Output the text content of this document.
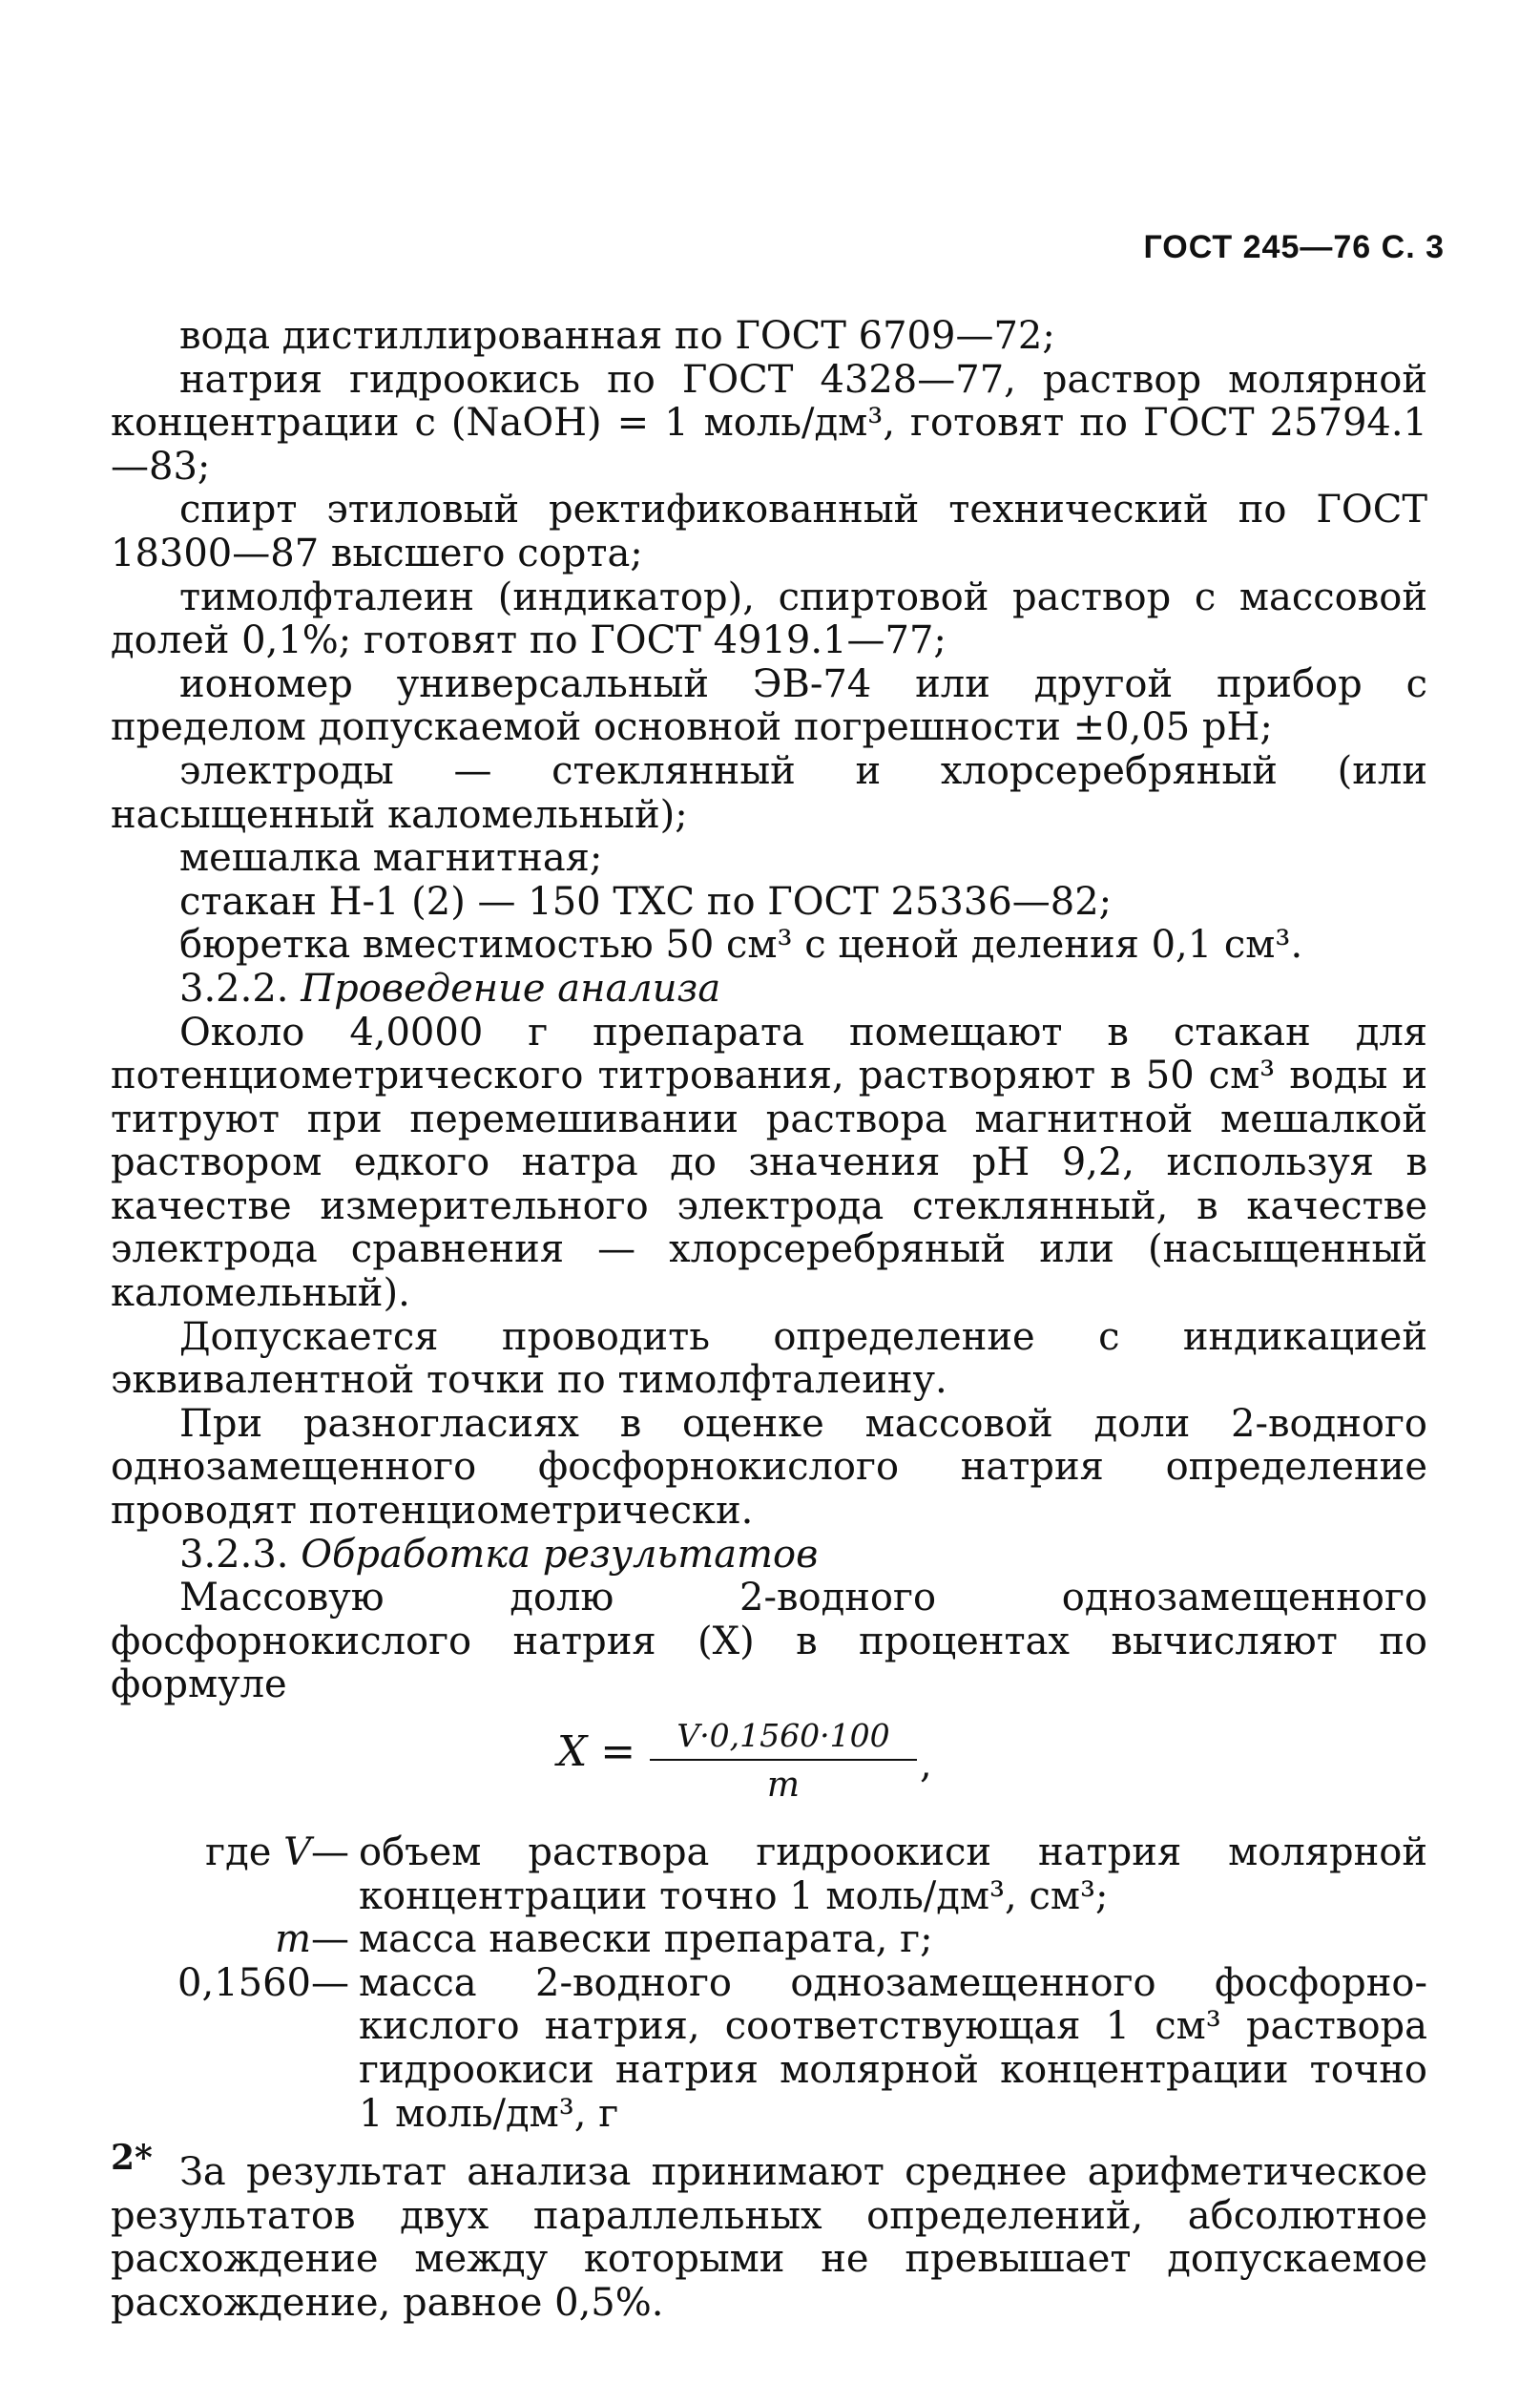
ГОСТ 245—76 С. 3

вода дистиллированная по ГОСТ 6709—72;

натрия гидроокись по ГОСТ 4328—77, раствор молярной концентрации с (NaOH) = 1 моль/дм³, готовят по ГОСТ 25794.1—83;

спирт этиловый ректификованный технический по ГОСТ 18300—87 высшего сорта;

тимолфталеин (индикатор), спиртовой раствор с массовой долей 0,1%; готовят по ГОСТ 4919.1—77;

иономер универсальный ЭВ-74 или другой прибор с пределом допускаемой основной погрешности ±0,05 рН;

электроды — стеклянный и хлорсеребряный (или насыщенный каломельный);

мешалка магнитная;

стакан Н-1 (2) — 150 ТХС по ГОСТ 25336—82;

бюретка вместимостью 50 см³ с ценой деления 0,1 см³.

3.2.2. Проведение анализа

Около 4,0000 г препарата помещают в стакан для потенциометрического титрования, растворяют в 50 см³ воды и титруют при перемешивании раствора магнитной мешалкой раствором едкого натра до значения рН 9,2, используя в качестве измерительного электрода стеклянный, в качестве электрода сравнения — хлорсеребряный или (насыщенный каломельный).

Допускается проводить определение с индикацией эквивалентной точки по тимолфталеину.

При разногласиях в оценке массовой доли 2-водного однозамещенного фосфорнокислого натрия определение проводят потенциометрически.

3.2.3. Обработка результатов

Массовую долю 2-водного однозамещенного фосфорнокислого натрия (X) в процентах вычисляют по формуле

X =	V·0,1560·100
m	,
где V	—	объем раствора гидроокиси натрия молярной концентрации точно 1 моль/дм³, см³;
m	—	масса навески препарата, г;
0,1560	—	масса 2-водного однозамещенного фосфорно-кислого натрия, соответствующая 1 см³ раствора гидроокиси натрия молярной концентрации точно 1 моль/дм³, г

За результат анализа принимают среднее арифметическое результатов двух параллельных определений, абсолютное расхождение между которыми не превышает допускаемое расхождение, равное 0,5%.

2*
